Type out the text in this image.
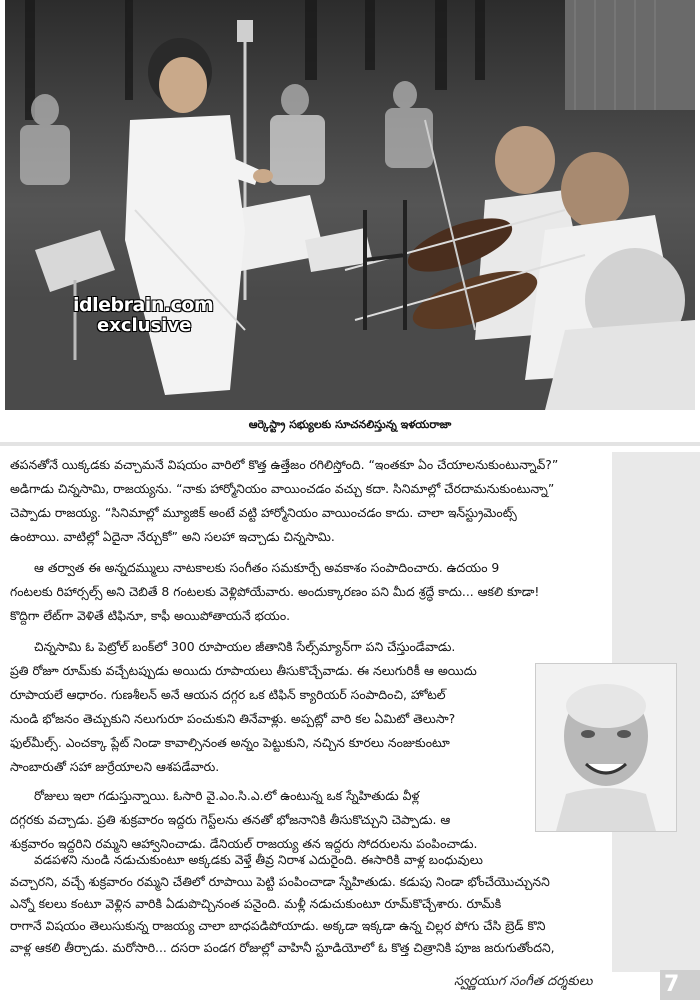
idlebrain.com
exclusive
ఆర్కెస్ట్రా సభ్యులకు సూచనలిస్తున్న ఇళయరాజా
తపనతోనే యిక్కడకు వచ్చామనే విషయం వారిలో కొత్త ఉత్తేజం రగిలిస్తోంది. “ఇంతకూ ఏం చేయాలనుకుంటున్నావ్?”
అడిగాడు చిన్నసామి, రాజయ్యను. “నాకు హార్మోనియం వాయించడం వచ్చు కదా. సినిమాల్లో చేరదామనుకుంటున్నా”
చెప్పాడు రాజయ్య. “సినిమాల్లో మ్యూజిక్ అంటే వట్టి హార్మోనియం వాయించడం కాదు. చాలా ఇన్‌స్ట్రుమెంట్స్
ఉంటాయి. వాటిల్లో ఏదైనా నేర్చుకో” అని సలహా ఇచ్చాడు చిన్నసామి.
ఆ తర్వాత ఈ అన్నదమ్ములు నాటకాలకు సంగీతం సమకూర్చే అవకాశం సంపాదించారు. ఉదయం 9
గంటలకు రిహార్సల్స్ అని చెబితే 8 గంటలకు వెళ్లిపోయేవారు. అందుక్కారణం పని మీద శ్రద్ధే కాదు... ఆకలి కూడా!
కొద్దిగా లేట్‌గా వెళితే టిఫినూ, కాఫీ అయిపోతాయనే భయం.
చిన్నసామి ఓ పెట్రోల్ బంక్‌లో 300 రూపాయల జీతానికి సేల్స్‌మ్యాన్‌గా పని చేస్తుండేవాడు.
ప్రతి రోజూ రూమ్‌కు వచ్చేటప్పుడు అయిదు రూపాయలు తీసుకొచ్చేవాడు. ఈ నలుగురికీ ఆ అయిదు
రూపాయలే ఆధారం. గుణశీలన్ అనే ఆయన దగ్గర ఒక టిఫిన్ క్యారియర్ సంపాదించి, హోటల్
నుండి భోజనం తెచ్చుకుని నలుగురూ పంచుకుని తినేవాళ్లు. అప్పట్లో వారి కల ఏమిటో తెలుసా?
ఫుల్‌మీల్స్. ఎంచక్కా ప్లేట్ నిండా కావాల్సినంత అన్నం పెట్టుకుని, నచ్చిన కూరలు నంజుకుంటూ
సాంబారుతో సహా జుర్రేయాలని ఆశపడేవారు.
రోజులు ఇలా గడుస్తున్నాయి. ఓసారి వై.ఎం.సి.ఎ.లో ఉంటున్న ఒక స్నేహితుడు వీళ్ల
దగ్గరకు వచ్చాడు. ప్రతి శుక్రవారం ఇద్దరు గెస్ట్‌లను తనతో భోజనానికి తీసుకొచ్చుని చెప్పాడు. ఆ
శుక్రవారం ఇద్దరిని రమ్మని ఆహ్వానించాడు. డేనియల్ రాజయ్య తన ఇద్దరు సోదరులను పంపించాడు.
వడపళని నుండి నడుచుకుంటూ అక్కడకు వెళ్తే తీవ్ర నిరాశ ఎదురైంది. ఈసారికి వాళ్ల బంధువులు
వచ్చారని, వచ్చే శుక్రవారం రమ్మని చేతిలో రూపాయి పెట్టి పంపించాడా స్నేహితుడు. కడుపు నిండా భోంచేయొచ్చునని
ఎన్నో కలలు కంటూ వెళ్లిన వారికి ఏడుపొచ్చినంత పనైంది. మళ్లీ నడుచుకుంటూ రూమ్‌కొచ్చేశారు. రూమ్‌కి
రాగానే విషయం తెలుసుకున్న రాజయ్య చాలా బాధపడిపోయాడు. అక్కడా ఇక్కడా ఉన్న చిల్లర పోగు చేసి బ్రెడ్ కొని
వాళ్ల ఆకలి తీర్చాడు. మరోసారి... దసరా పండగ రోజుల్లో వాహినీ స్టూడియోలో ఓ కొత్త చిత్రానికి పూజ జరుగుతోందని,
స్వర్ణయుగ సంగీత దర్శకులు	7
